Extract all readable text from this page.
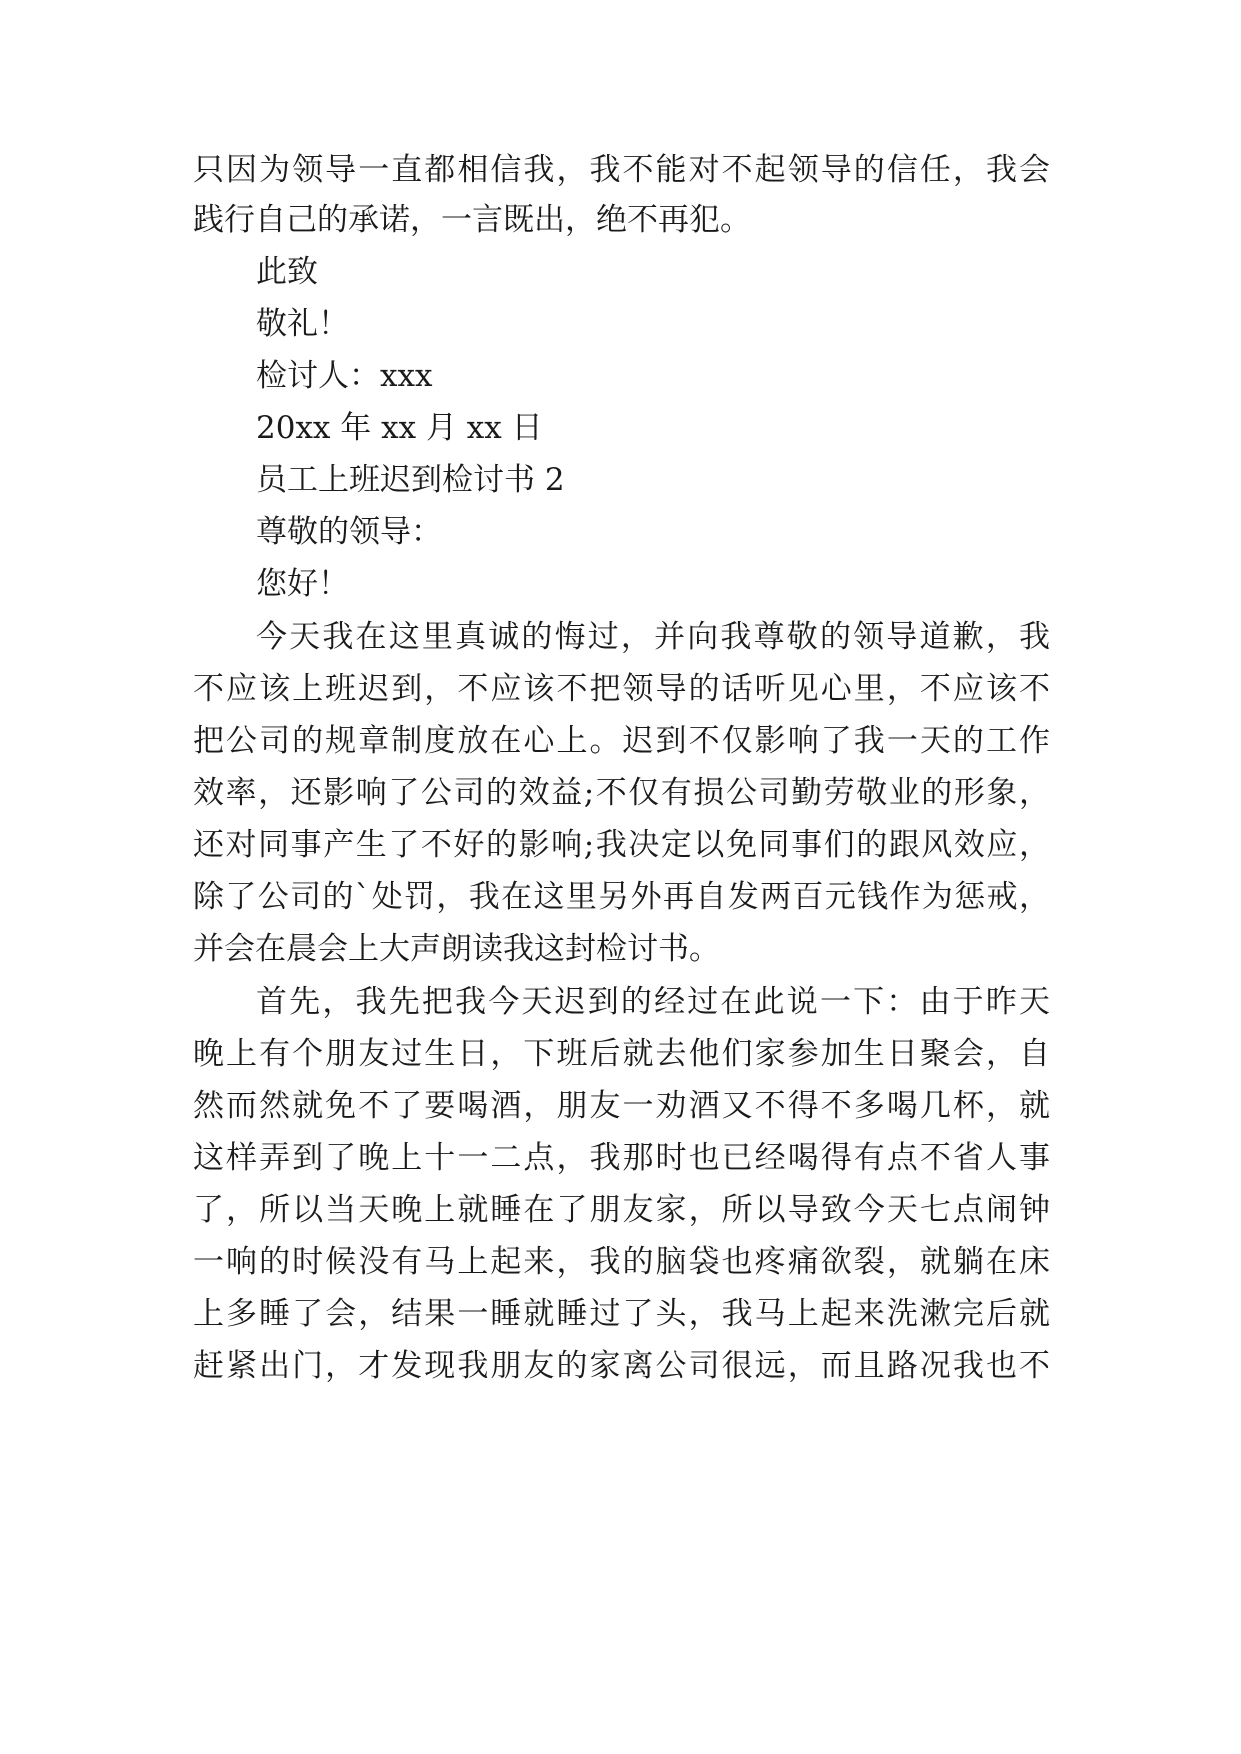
只因为领导一直都相信我，我不能对不起领导的信任，我会
践行自己的承诺，一言既出，绝不再犯。
此致
敬礼！
检讨人：xxx
20xx 年 xx 月 xx 日
员工上班迟到检讨书 2
尊敬的领导：
您好！
今天我在这里真诚的悔过，并向我尊敬的领导道歉，我
不应该上班迟到，不应该不把领导的话听见心里，不应该不
把公司的规章制度放在心上。迟到不仅影响了我一天的工作
效率，还影响了公司的效益;不仅有损公司勤劳敬业的形象，
还对同事产生了不好的影响;我决定以免同事们的跟风效应，
除了公司的`处罚，我在这里另外再自发两百元钱作为惩戒，
并会在晨会上大声朗读我这封检讨书。
首先，我先把我今天迟到的经过在此说一下：由于昨天
晚上有个朋友过生日，下班后就去他们家参加生日聚会，自
然而然就免不了要喝酒，朋友一劝酒又不得不多喝几杯，就
这样弄到了晚上十一二点，我那时也已经喝得有点不省人事
了，所以当天晚上就睡在了朋友家，所以导致今天七点闹钟
一响的时候没有马上起来，我的脑袋也疼痛欲裂，就躺在床
上多睡了会，结果一睡就睡过了头，我马上起来洗漱完后就
赶紧出门，才发现我朋友的家离公司很远，而且路况我也不
